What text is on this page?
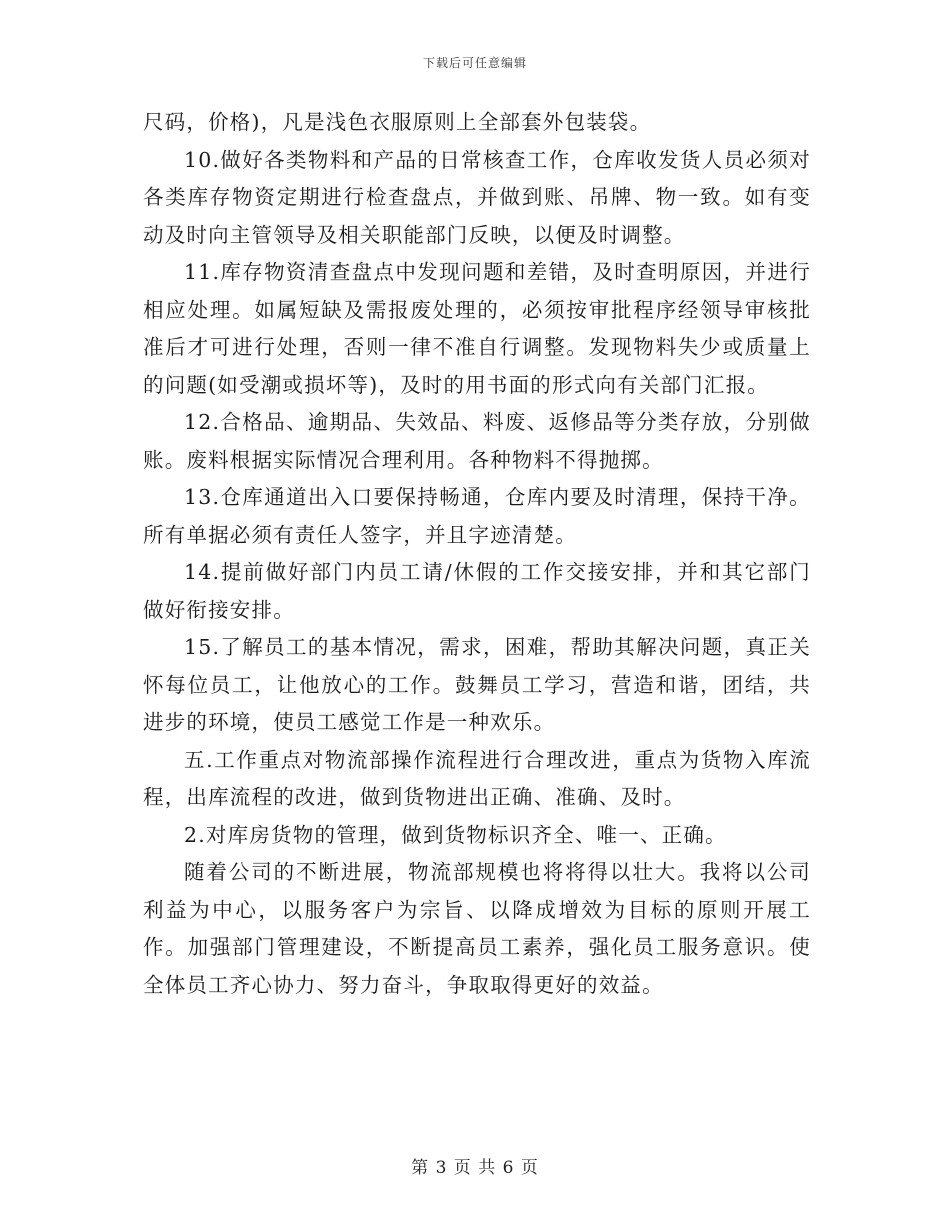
下载后可任意编辑

尺码，价格)，凡是浅色衣服原则上全部套外包装袋。

10.做好各类物料和产品的日常核查工作，仓库收发货人员必须对各类库存物资定期进行检查盘点，并做到账、吊牌、物一致。如有变动及时向主管领导及相关职能部门反映，以便及时调整。

11.库存物资清查盘点中发现问题和差错，及时查明原因，并进行相应处理。如属短缺及需报废处理的，必须按审批程序经领导审核批准后才可进行处理，否则一律不准自行调整。发现物料失少或质量上的问题(如受潮或损坏等)，及时的用书面的形式向有关部门汇报。

12.合格品、逾期品、失效品、料废、返修品等分类存放，分别做账。废料根据实际情况合理利用。各种物料不得抛掷。

13.仓库通道出入口要保持畅通，仓库内要及时清理，保持干净。所有单据必须有责任人签字，并且字迹清楚。

14.提前做好部门内员工请/休假的工作交接安排，并和其它部门做好衔接安排。

15.了解员工的基本情况，需求，困难，帮助其解决问题，真正关怀每位员工，让他放心的工作。鼓舞员工学习，营造和谐，团结，共进步的环境，使员工感觉工作是一种欢乐。

五.工作重点对物流部操作流程进行合理改进，重点为货物入库流程，出库流程的改进，做到货物进出正确、准确、及时。

2.对库房货物的管理，做到货物标识齐全、唯一、正确。

随着公司的不断进展，物流部规模也将将得以壮大。我将以公司利益为中心，以服务客户为宗旨、以降成增效为目标的原则开展工作。加强部门管理建设，不断提高员工素养，强化员工服务意识。使全体员工齐心协力、努力奋斗，争取取得更好的效益。

第 3 页 共 6 页
